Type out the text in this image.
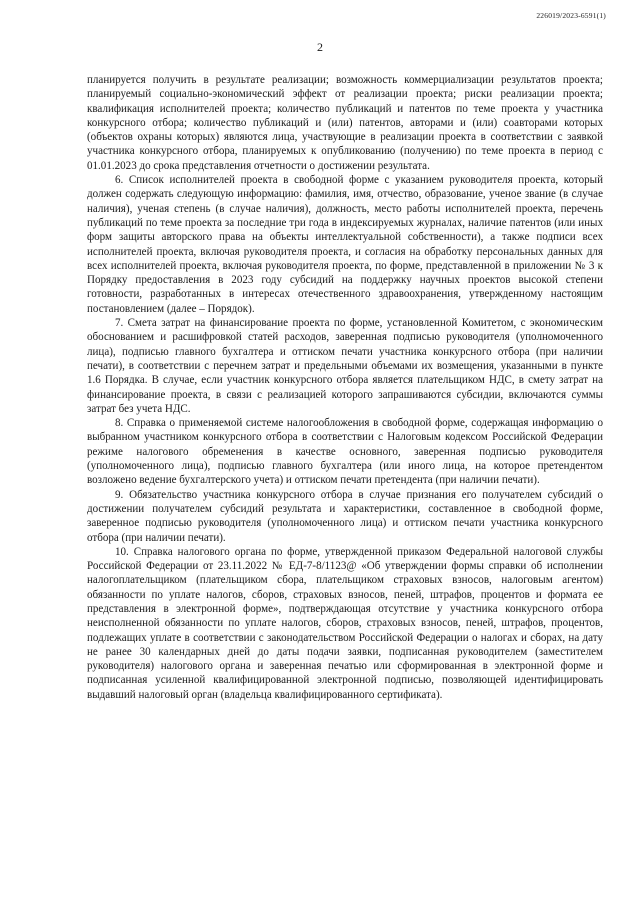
226019/2023-6591(1)
2

планируется получить в результате реализации; возможность коммерциализации результатов проекта; планируемый социально-экономический эффект от реализации проекта; риски реализации проекта; квалификация исполнителей проекта; количество публикаций и патентов по теме проекта у участника конкурсного отбора; количество публикаций и (или) патентов, авторами и (или) соавторами которых (объектов охраны которых) являются лица, участвующие в реализации проекта в соответствии с заявкой участника конкурсного отбора, планируемых к опубликованию (получению) по теме проекта в период с 01.01.2023 до срока представления отчетности о достижении результата.

6. Список исполнителей проекта в свободной форме с указанием руководителя проекта, который должен содержать следующую информацию: фамилия, имя, отчество, образование, ученое звание (в случае наличия), ученая степень (в случае наличия), должность, место работы исполнителей проекта, перечень публикаций по теме проекта за последние три года в индексируемых журналах, наличие патентов (или иных форм защиты авторского права на объекты интеллектуальной собственности), а также подписи всех исполнителей проекта, включая руководителя проекта, и согласия на обработку персональных данных для всех исполнителей проекта, включая руководителя проекта, по форме, представленной в приложении № 3 к Порядку предоставления в 2023 году субсидий на поддержку научных проектов высокой степени готовности, разработанных в интересах отечественного здравоохранения, утвержденному настоящим постановлением (далее – Порядок).

7. Смета затрат на финансирование проекта по форме, установленной Комитетом, с экономическим обоснованием и расшифровкой статей расходов, заверенная подписью руководителя (уполномоченного лица), подписью главного бухгалтера и оттиском печати участника конкурсного отбора (при наличии печати), в соответствии с перечнем затрат и предельными объемами их возмещения, указанными в пункте 1.6 Порядка. В случае, если участник конкурсного отбора является плательщиком НДС, в смету затрат на финансирование проекта, в связи с реализацией которого запрашиваются субсидии, включаются суммы затрат без учета НДС.

8. Справка о применяемой системе налогообложения в свободной форме, содержащая информацию о выбранном участником конкурсного отбора в соответствии с Налоговым кодексом Российской Федерации режиме налогового обременения в качестве основного, заверенная подписью руководителя (уполномоченного лица), подписью главного бухгалтера (или иного лица, на которое претендентом возложено ведение бухгалтерского учета) и оттиском печати претендента (при наличии печати).

9. Обязательство участника конкурсного отбора в случае признания его получателем субсидий о достижении получателем субсидий результата и характеристики, составленное в свободной форме, заверенное подписью руководителя (уполномоченного лица) и оттиском печати участника конкурсного отбора (при наличии печати).

10. Справка налогового органа по форме, утвержденной приказом Федеральной налоговой службы Российской Федерации от 23.11.2022 № ЕД-7-8/1123@ «Об утверждении формы справки об исполнении налогоплательщиком (плательщиком сбора, плательщиком страховых взносов, налоговым агентом) обязанности по уплате налогов, сборов, страховых взносов, пеней, штрафов, процентов и формата ее представления в электронной форме», подтверждающая отсутствие у участника конкурсного отбора неисполненной обязанности по уплате налогов, сборов, страховых взносов, пеней, штрафов, процентов, подлежащих уплате в соответствии с законодательством Российской Федерации о налогах и сборах, на дату не ранее 30 календарных дней до даты подачи заявки, подписанная руководителем (заместителем руководителя) налогового органа и заверенная печатью или сформированная в электронной форме и подписанная усиленной квалифицированной электронной подписью, позволяющей идентифицировать выдавший налоговый орган (владельца квалифицированного сертификата).
